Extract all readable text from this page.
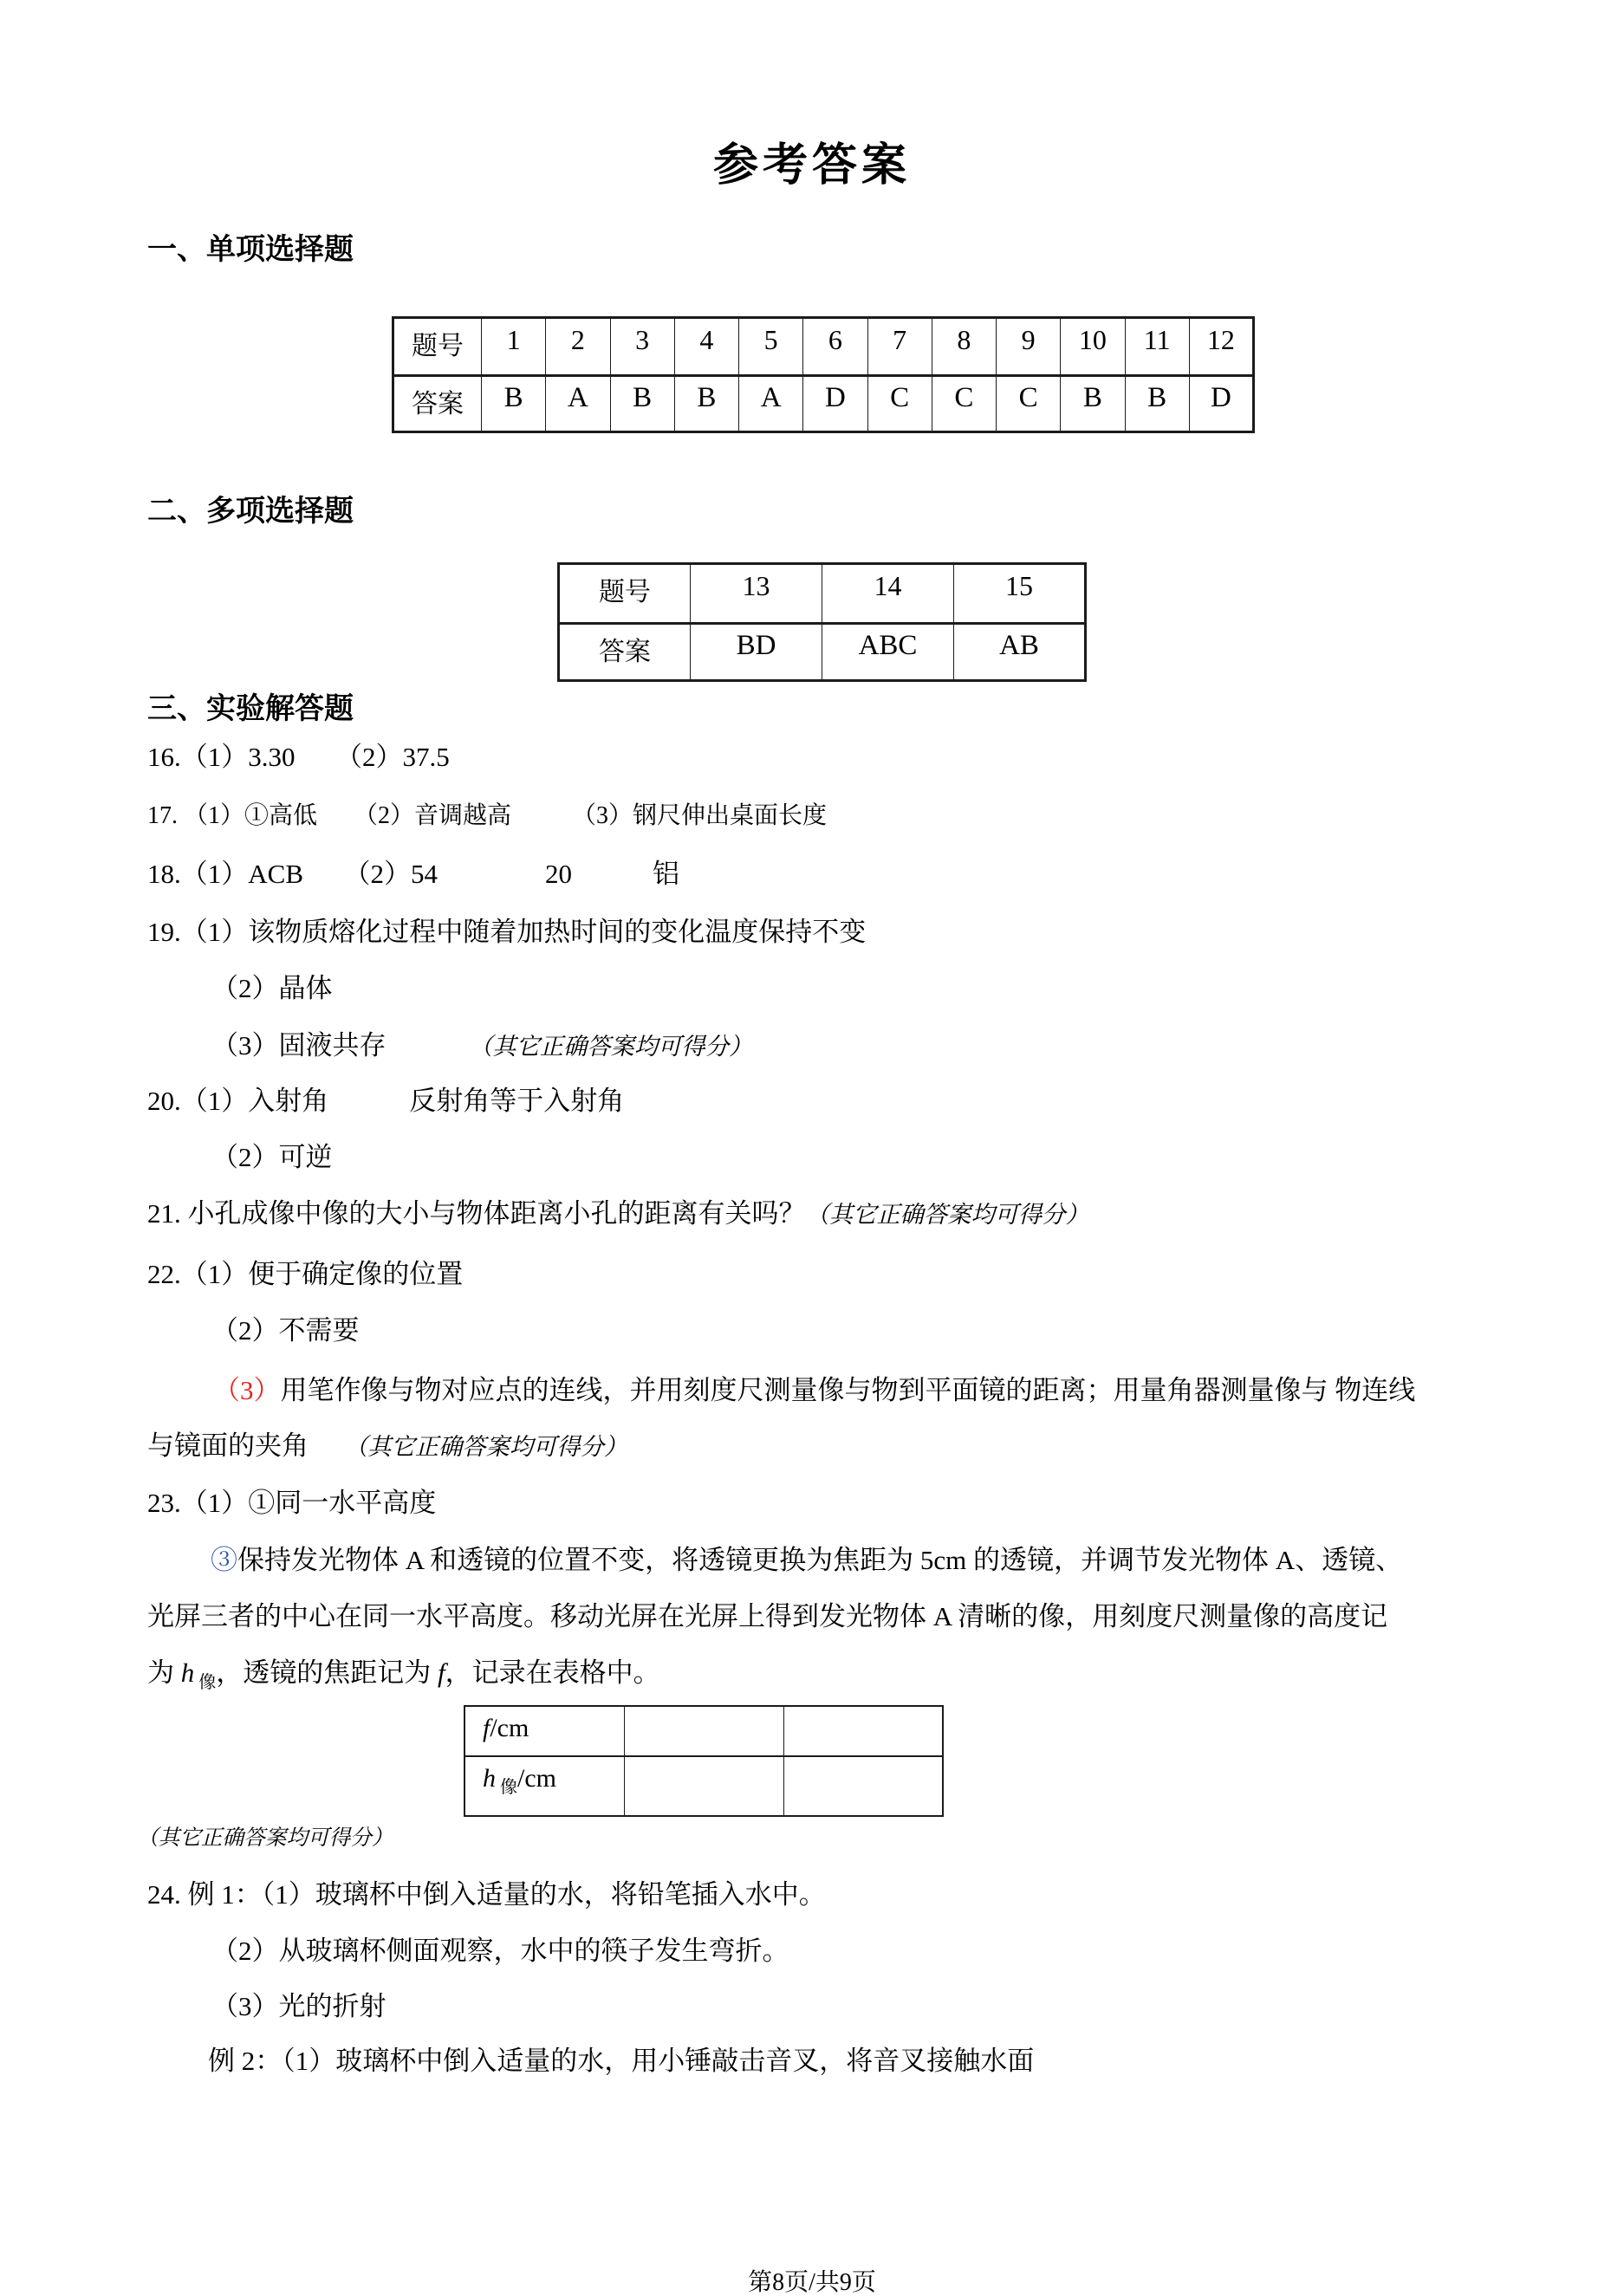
参考答案
一、单项选择题
题号	1	2	3	4	5	6	7	8	9	10	11	12
答案	B	A	B	B	A	D	C	C	C	B	B	D
二、多项选择题
题号	13	14	15
答案	BD	ABC	AB
三、实验解答题
16.（1）3.30　　（2）37.5
17. （1）①高低　　（2）音调越高　　　（3）钢尺伸出桌面长度
18.（1）ACB　　（2）54　　　　20　　　铝
19.（1）该物质熔化过程中随着加热时间的变化温度保持不变
（2）晶体
（3）固液共存　　　　（其它正确答案均可得分）
20.（1）入射角　　　反射角等于入射角
（2）可逆
21. 小孔成像中像的大小与物体距离小孔的距离有关吗？（其它正确答案均可得分）
22.（1）便于确定像的位置
（2）不需要
（3）用笔作像与物对应点的连线，并用刻度尺测量像与物到平面镜的距离；用量角器测量像与 物连线
与镜面的夹角　　（其它正确答案均可得分）
23.（1）①同一水平高度
③保持发光物体 A 和透镜的位置不变，将透镜更换为焦距为 5cm 的透镜，并调节发光物体 A、透镜、
光屏三者的中心在同一水平高度。移动光屏在光屏上得到发光物体 A 清晰的像，用刻度尺测量像的高度记
为 h $_像$，透镜的焦距记为 f，记录在表格中。
（其它正确答案均可得分）
24. 例 1：（1）玻璃杯中倒入适量的水，将铅笔插入水中。
（2）从玻璃杯侧面观察，水中的筷子发生弯折。
（3）光的折射
例 2：（1）玻璃杯中倒入适量的水，用小锤敲击音叉，将音叉接触水面
f/cm		
h $_像$/cm		
第8页/共9页
